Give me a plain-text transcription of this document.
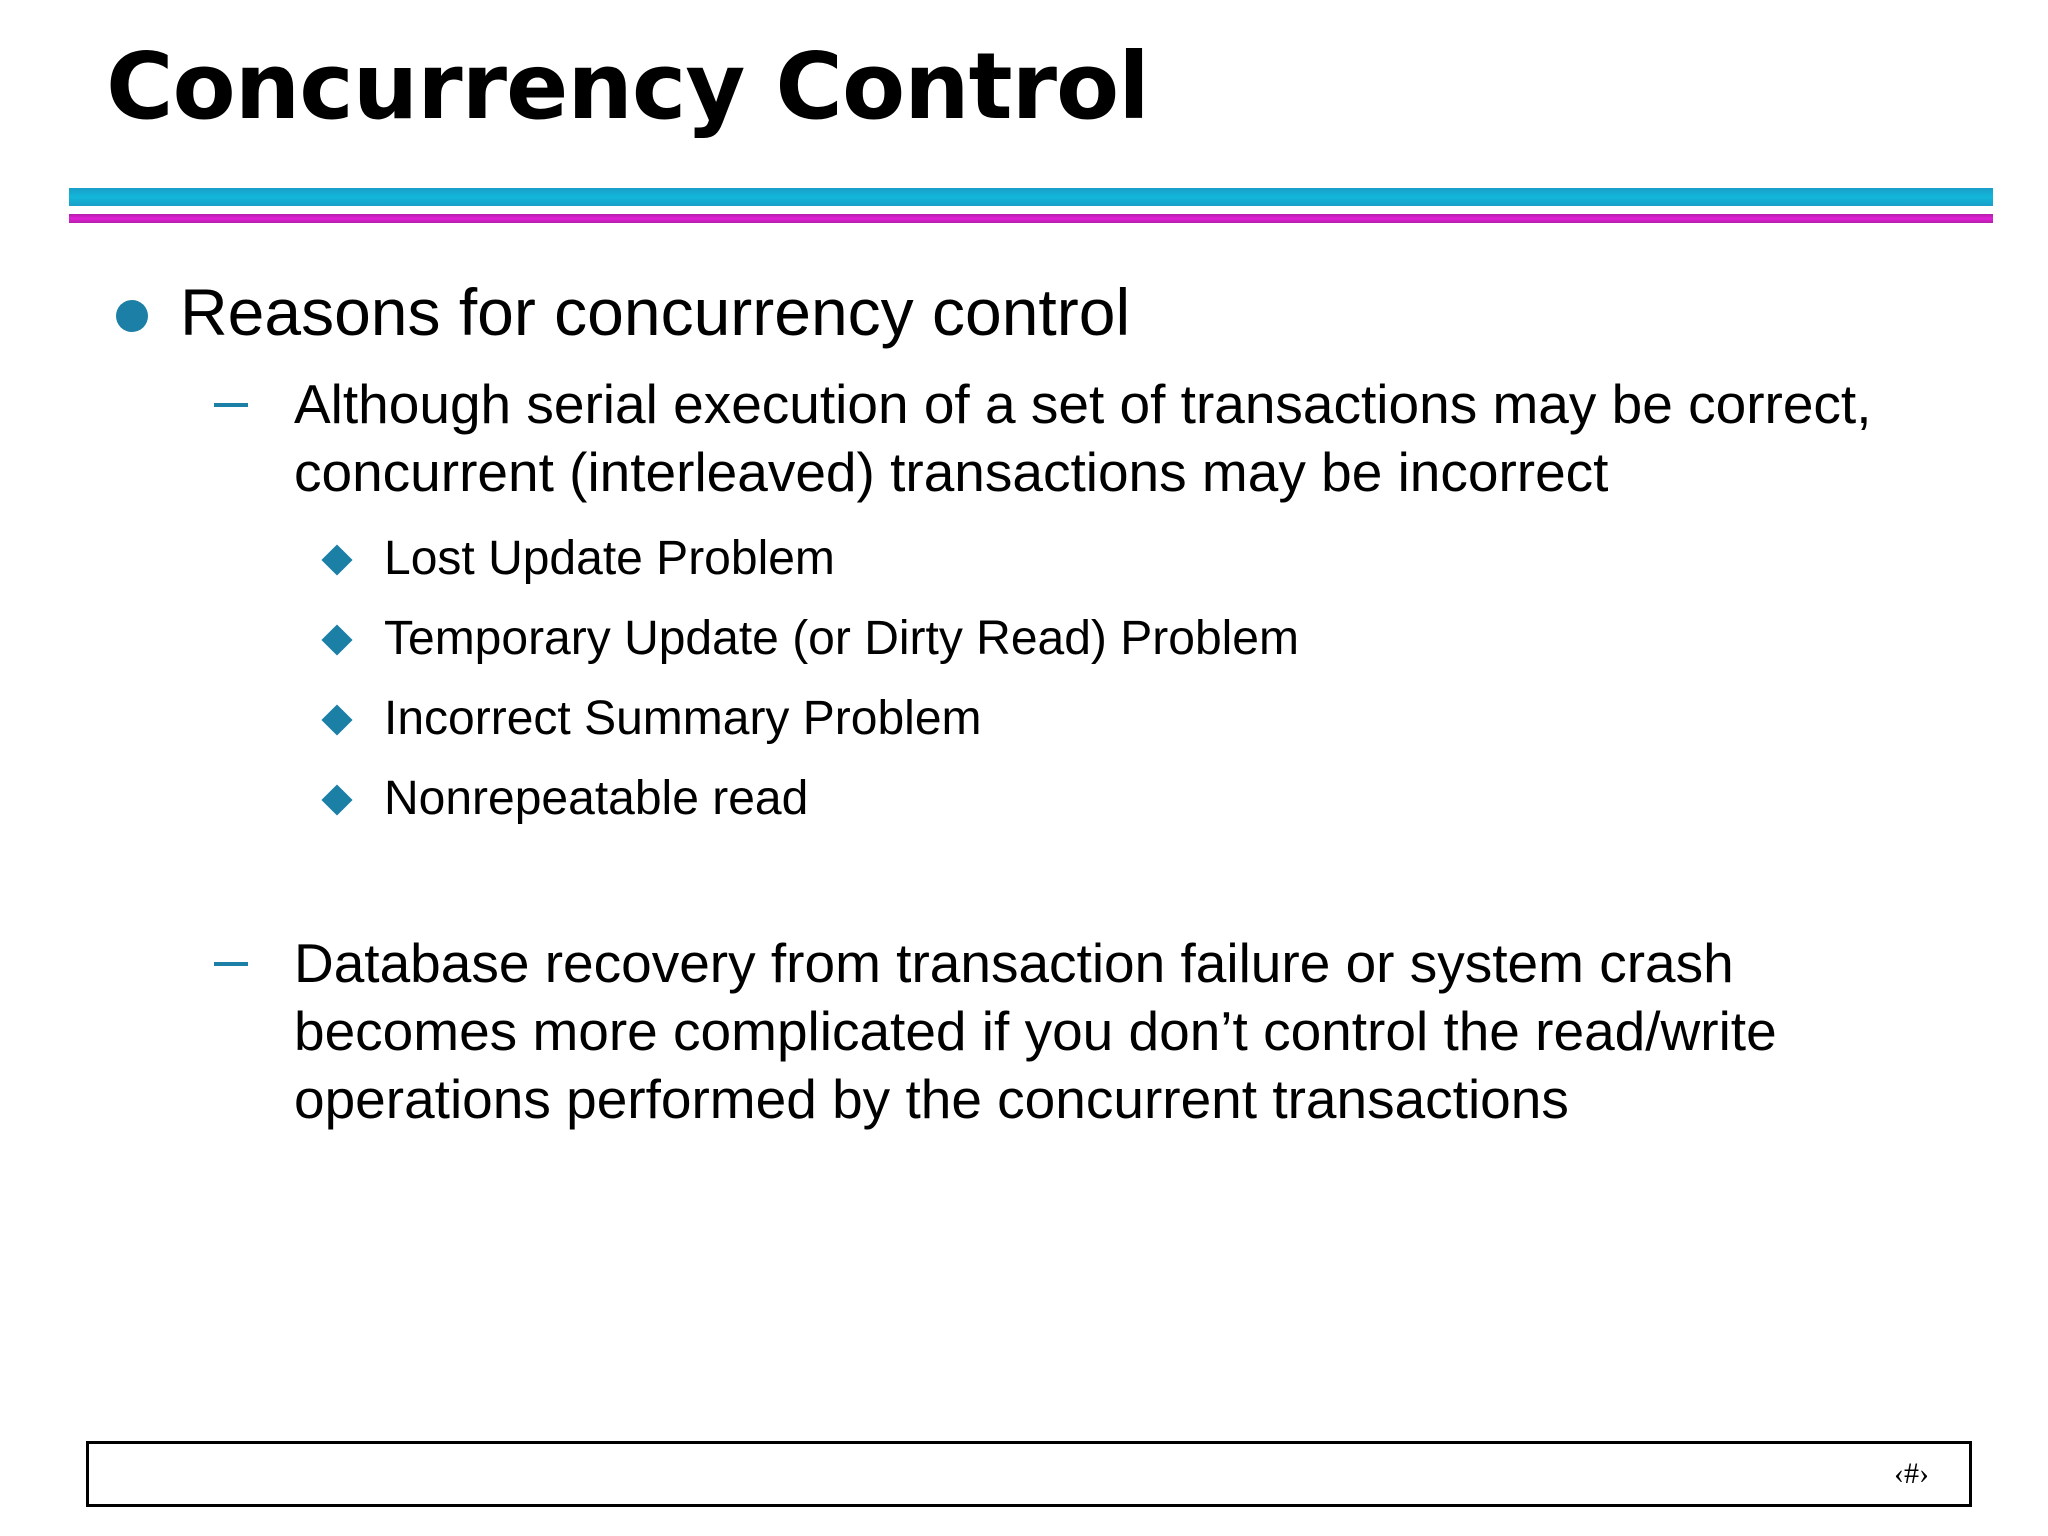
Concurrency Control
Reasons for concurrency control
Although serial execution of a set of transactions may be correct,
concurrent (interleaved) transactions may be incorrect
Lost Update Problem
Temporary Update (or Dirty Read) Problem
Incorrect Summary Problem
Nonrepeatable read
Database recovery from transaction failure or system crash
becomes more complicated if you don’t control the read/write
operations performed by the concurrent transactions
‹#›
